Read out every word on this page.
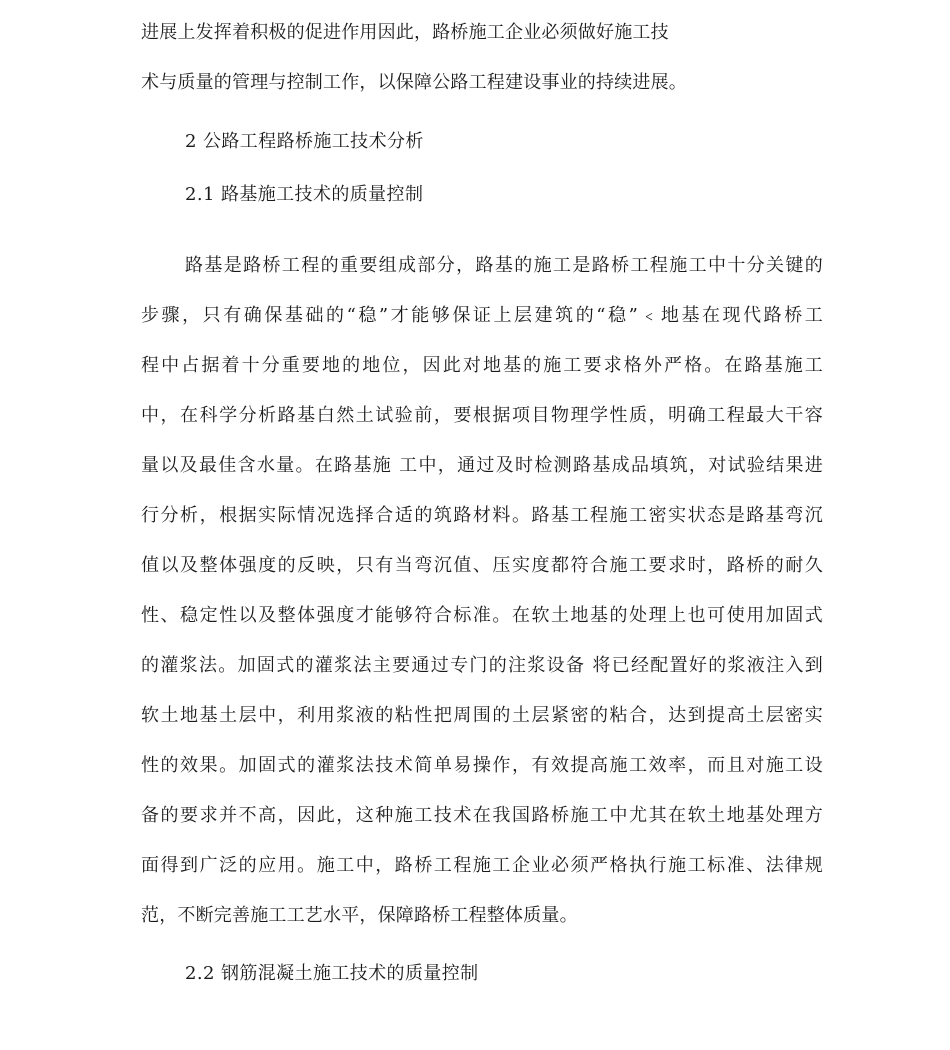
进展上发挥着积极的促进作用因此，路桥施工企业必须做好施工技
术与质量的管理与控制工作，以保障公路工程建设事业的持续进展。
2 公路工程路桥施工技术分析
2.1 路基施工技术的质量控制
路基是路桥工程的重要组成部分，路基的施工是路桥工程施工中十分关键的
步骤，只有确保基础的“稳”才能够保证上层建筑的“稳”﹤地基在现代路桥工
程中占据着十分重要地的地位，因此对地基的施工要求格外严格。在路基施工
中，在科学分析路基白然土试验前，要根据项目物理学性质，明确工程最大干容
量以及最佳含水量。在路基施 工中，通过及时检测路基成品填筑，对试验结果进
行分析，根据实际情况选择合适的筑路材料。路基工程施工密实状态是路基弯沉
值以及整体强度的反映，只有当弯沉值、压实度都符合施工要求时，路桥的耐久
性、稳定性以及整体强度才能够符合标准。在软土地基的处理上也可使用加固式
的灌浆法。加固式的灌浆法主要通过专门的注浆设备 将已经配置好的浆液注入到
软土地基土层中，利用浆液的粘性把周围的土层紧密的粘合，达到提高土层密实
性的效果。加固式的灌浆法技术简单易操作，有效提高施工效率，而且对施工设
备的要求并不高，因此，这种施工技术在我国路桥施工中尤其在软土地基处理方
面得到广泛的应用。施工中，路桥工程施工企业必须严格执行施工标准、法律规
范，不断完善施工工艺水平，保障路桥工程整体质量。
2.2 钢筋混凝土施工技术的质量控制
